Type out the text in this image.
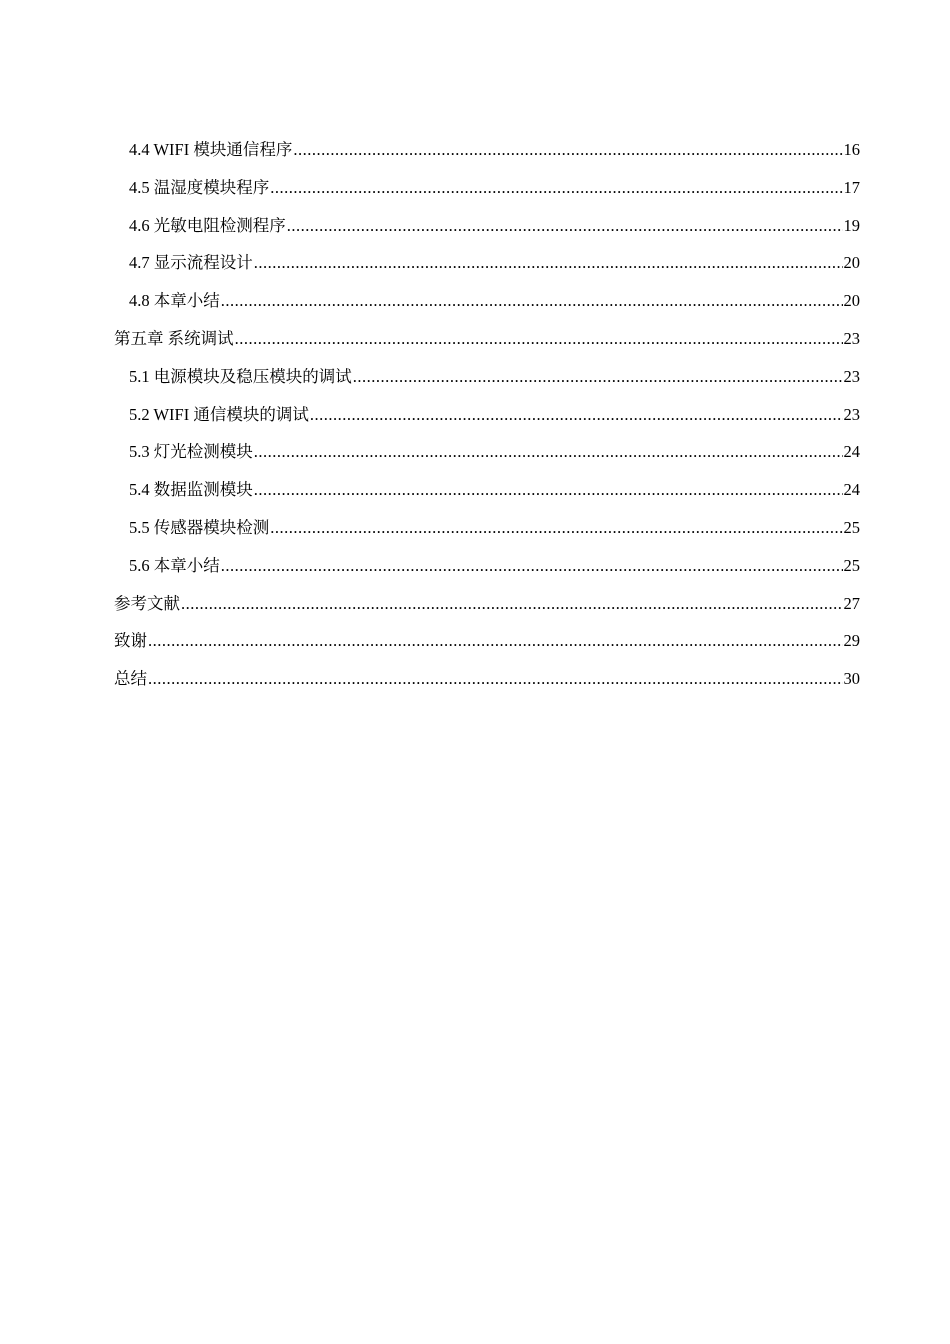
4.4 WIFI 模块通信程序 .....	16
4.5 温湿度模块程序 .....	17
4.6 光敏电阻检测程序 .....	19
4.7 显示流程设计 .....	20
4.8 本章小结 .....	20
第五章 系统调试 .....	23
5.1 电源模块及稳压模块的调试 .....	23
5.2 WIFI 通信模块的调试 .....	23
5.3 灯光检测模块 .....	24
5.4 数据监测模块 .....	24
5.5 传感器模块检测 .....	25
5.6 本章小结 .....	25
参考文献 .....	27
致谢 .....	29
总结 .....	30
